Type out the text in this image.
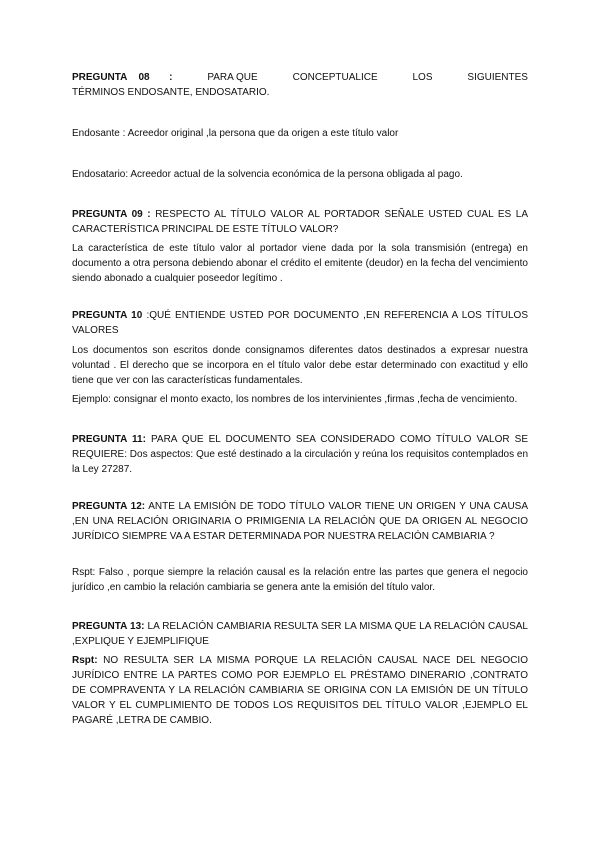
PREGUNTA 08 :	PARA QUE	CONCEPTUALICE	LOS	SIGUIENTES
TÉRMINOS ENDOSANTE, ENDOSATARIO.

Endosante : Acreedor original ,la persona que da origen a este título valor

Endosatario: Acreedor actual de la solvencia económica de la persona obligada al pago.

PREGUNTA 09 : RESPECTO AL TÍTULO VALOR AL PORTADOR SEÑALE USTED CUAL ES LA CARACTERÍSTICA PRINCIPAL DE ESTE TÍTULO VALOR?

La característica de este título valor al portador viene dada por la sola transmisión (entrega) en documento a otra persona debiendo abonar el crédito el emitente (deudor) en la fecha del vencimiento siendo abonado a cualquier poseedor legítimo .

PREGUNTA 10 :QUÉ ENTIENDE USTED POR DOCUMENTO ,EN REFERENCIA A LOS TÍTULOS VALORES

Los documentos son escritos donde consignamos diferentes datos destinados a expresar nuestra voluntad . El derecho que se incorpora en el título valor debe estar determinado con exactitud y ello tiene que ver con las características fundamentales.

Ejemplo: consignar el monto exacto, los nombres de los intervinientes ,firmas ,fecha de vencimiento.

PREGUNTA 11: PARA QUE EL DOCUMENTO SEA CONSIDERADO COMO TÍTULO VALOR SE REQUIERE: Dos aspectos: Que esté destinado a la circulación y reúna los requisitos contemplados en la Ley 27287.

PREGUNTA 12: ANTE LA EMISIÓN DE TODO TÍTULO VALOR TIENE UN ORIGEN Y UNA CAUSA ,EN UNA RELACIÓN ORIGINARIA O PRIMIGENIA LA RELACIÓN QUE DA ORIGEN AL NEGOCIO JURÍDICO SIEMPRE VA A ESTAR DETERMINADA POR NUESTRA RELACIÓN CAMBIARIA ?

Rspt: Falso , porque siempre la relación causal es la relación entre las partes que genera el negocio jurídico ,en cambio la relación cambiaria se genera ante la emisión del título valor.

PREGUNTA 13: LA RELACIÓN CAMBIARIA RESULTA SER LA MISMA QUE LA RELACIÓN CAUSAL ,EXPLIQUE Y EJEMPLIFIQUE

Rspt: NO RESULTA SER LA MISMA PORQUE LA RELACIÓN CAUSAL NACE DEL NEGOCIO JURÍDICO ENTRE LA PARTES COMO POR EJEMPLO EL PRÉSTAMO DINERARIO ,CONTRATO DE COMPRAVENTA Y LA RELACIÓN CAMBIARIA SE ORIGINA CON LA EMISIÓN DE UN TÍTULO VALOR Y EL CUMPLIMIENTO DE TODOS LOS REQUISITOS DEL TÍTULO VALOR ,EJEMPLO EL PAGARÉ ,LETRA DE CAMBIO.
